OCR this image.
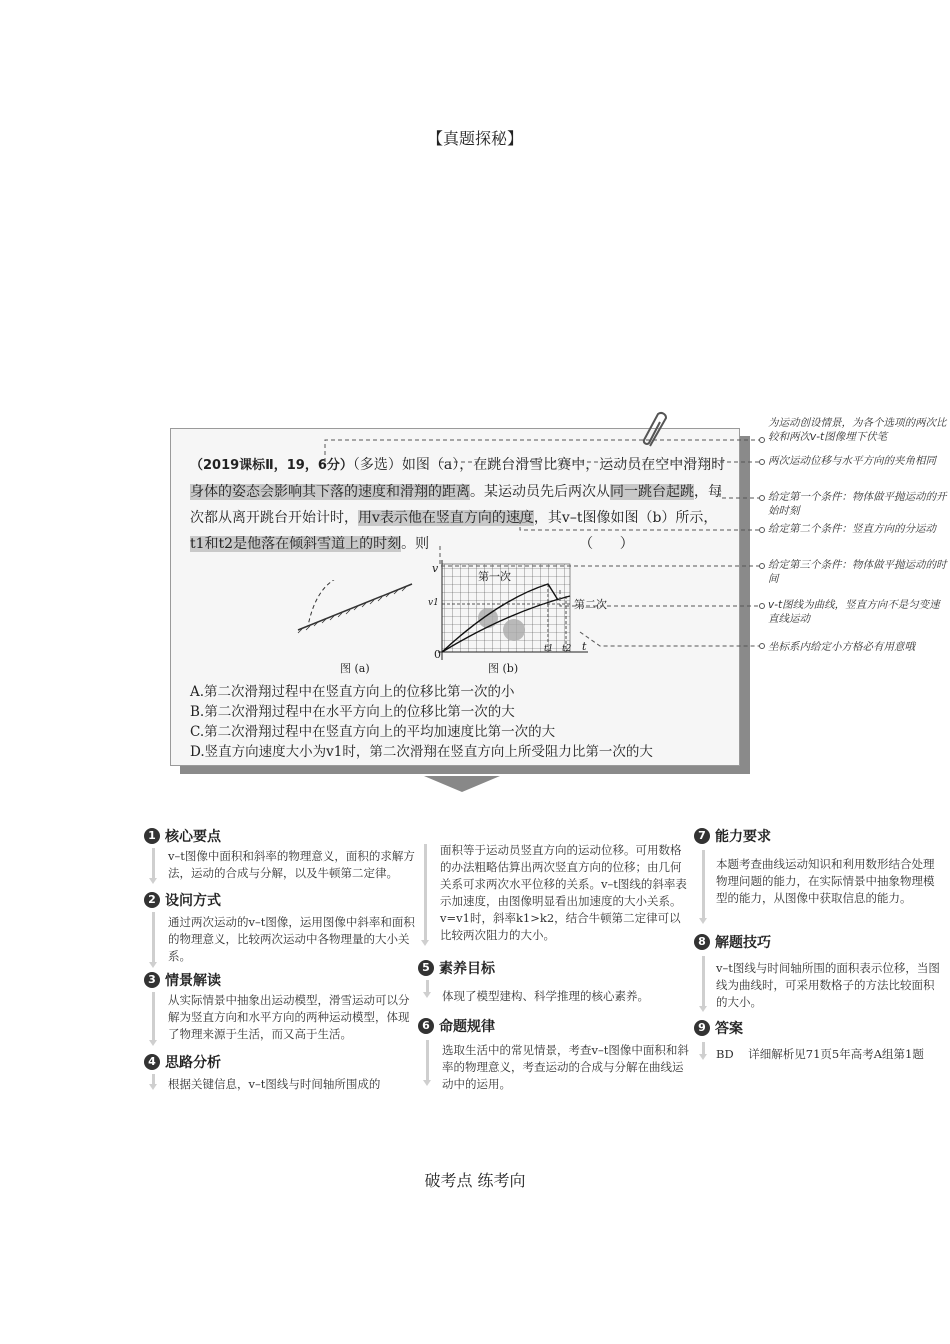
【真题探秘】
（2019课标Ⅱ，19，6分）（多选）如图（a），在跳台滑雪比赛中，运动员在空中滑翔时身体的姿态会影响其下落的速度和滑翔的距离。某运动员先后两次从同一跳台起跳，每次都从离开跳台开始计时，用v表示他在竖直方向的速度，其v–t图像如图（b）所示，t1和t2是他落在倾斜雪道上的时刻。则	（      ）
图 (a)
v
v1
0	t1 t2 t
第一次
第二次
图 (b)
A.第二次滑翔过程中在竖直方向上的位移比第一次的小
B.第二次滑翔过程中在水平方向上的位移比第一次的大
C.第二次滑翔过程中在竖直方向上的平均加速度比第一次的大
D.竖直方向速度大小为v1时，第二次滑翔在竖直方向上所受阻力比第一次的大
为运动创设情景，为各个选项的两次比较和两次v-t图像埋下伏笔
两次运动位移与水平方向的夹角相同
给定第一个条件：物体做平抛运动的开始时刻
给定第二个条件：竖直方向的分运动
给定第三个条件：物体做平抛运动的时间
v-t图线为曲线，竖直方向不是匀变速直线运动
坐标系内给定小方格必有用意哦
1 核心要点
v–t图像中面积和斜率的物理意义，面积的求解方法，运动的合成与分解，以及牛顿第二定律。
2 设问方式
通过两次运动的v–t图像，运用图像中斜率和面积的物理意义，比较两次运动中各物理量的大小关系。
3 情景解读
从实际情景中抽象出运动模型，滑雪运动可以分解为竖直方向和水平方向的两种运动模型，体现了物理来源于生活，而又高于生活。
4 思路分析
根据关键信息，v–t图线与时间轴所围成的
面积等于运动员竖直方向的运动位移。可用数格的办法粗略估算出两次竖直方向的位移；由几何关系可求两次水平位移的关系。v–t图线的斜率表示加速度，由图像明显看出加速度的大小关系。v=v1时，斜率k1>k2，结合牛顿第二定律可以比较两次阻力的大小。
5 素养目标
体现了模型建构、科学推理的核心素养。
6 命题规律
选取生活中的常见情景，考查v–t图像中面积和斜率的物理意义，考查运动的合成与分解在曲线运动中的运用。
7 能力要求
本题考查曲线运动知识和利用数形结合处理物理问题的能力，在实际情景中抽象物理模型的能力，从图像中获取信息的能力。
8 解题技巧
v–t图线与时间轴所围的面积表示位移，当图线为曲线时，可采用数格子的方法比较面积的大小。
9 答案
BD    详细解析见71页5年高考A组第1题
破考点 练考向
